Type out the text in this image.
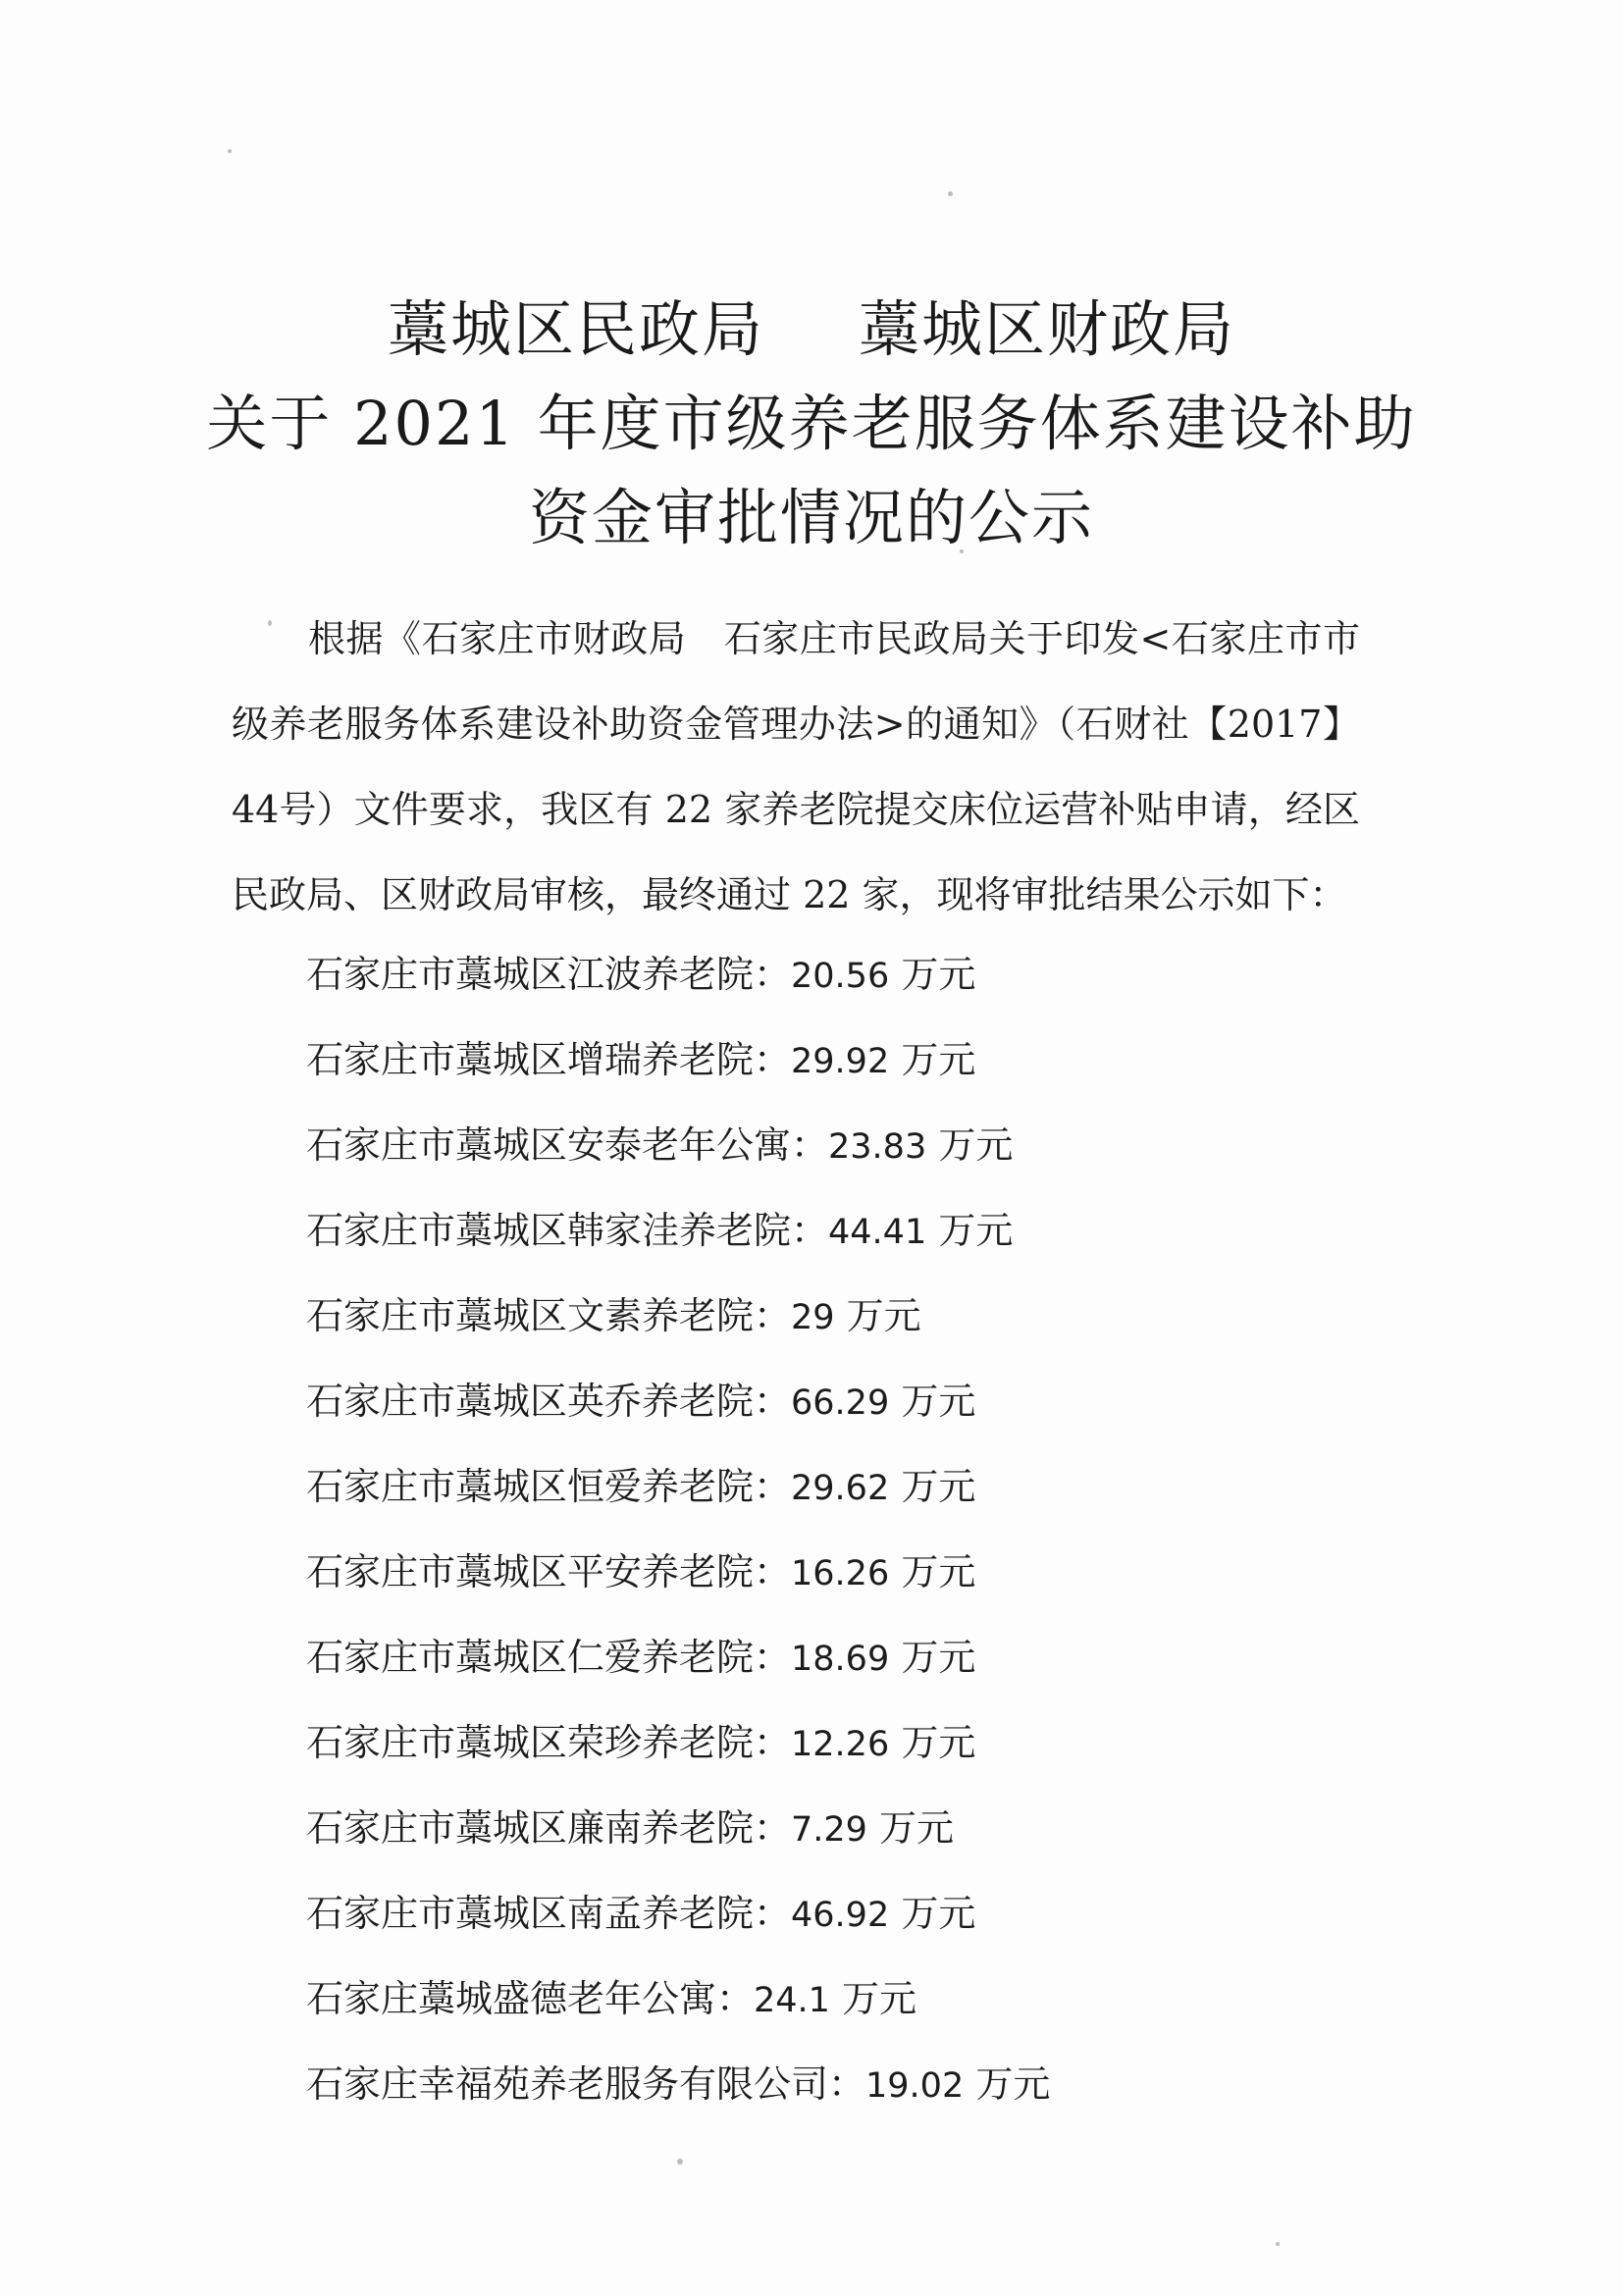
藁城区民政局 藁城区财政局
关于 2021 年度市级养老服务体系建设补助
资金审批情况的公示
根据《石家庄市财政局 石家庄市民政局关于印发<石家庄市市级养老服务体系建设补助资金管理办法>的通知》（石财社【2017】44号）文件要求，我区有 22 家养老院提交床位运营补贴申请，经区民政局、区财政局审核，最终通过 22 家，现将审批结果公示如下：
石家庄市藁城区江波养老院：20.56 万元
石家庄市藁城区增瑞养老院：29.92 万元
石家庄市藁城区安泰老年公寓：23.83 万元
石家庄市藁城区韩家洼养老院：44.41 万元
石家庄市藁城区文素养老院：29 万元
石家庄市藁城区英乔养老院：66.29 万元
石家庄市藁城区恒爱养老院：29.62 万元
石家庄市藁城区平安养老院：16.26 万元
石家庄市藁城区仁爱养老院：18.69 万元
石家庄市藁城区荣珍养老院：12.26 万元
石家庄市藁城区廉南养老院：7.29 万元
石家庄市藁城区南孟养老院：46.92 万元
石家庄藁城盛德老年公寓：24.1 万元
石家庄幸福苑养老服务有限公司：19.02 万元
